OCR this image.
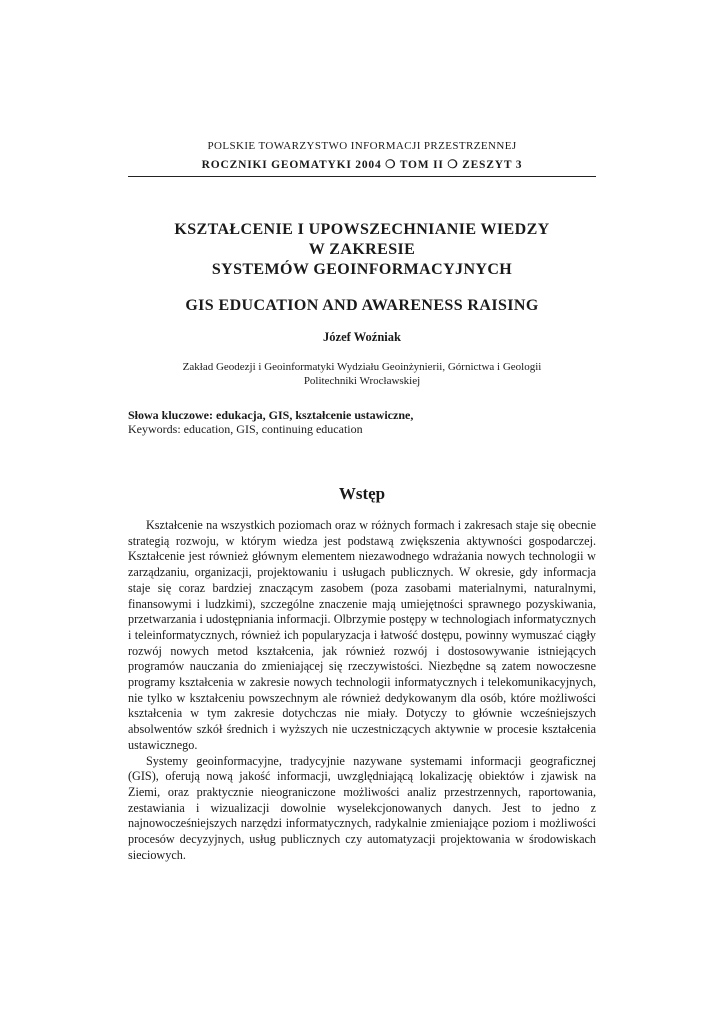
POLSKIE TOWARZYSTWO INFORMACJI PRZESTRZENNEJ
ROCZNIKI GEOMATYKI 2004 ❍ TOM II ❍ ZESZYT 3
KSZTAŁCENIE I UPOWSZECHNIANIE WIEDZY
W ZAKRESIE
SYSTEMÓW GEOINFORMACYJNYCH
GIS EDUCATION AND AWARENESS RAISING
Józef Woźniak
Zakład Geodezji i Geoinformatyki Wydziału Geoinżynierii, Górnictwa i Geologii
Politechniki Wrocławskiej
Słowa kluczowe: edukacja, GIS, kształcenie ustawiczne,
Keywords: education, GIS, continuing education
Wstęp

Kształcenie na wszystkich poziomach oraz w różnych formach i zakresach staje się obecnie strategią rozwoju, w którym wiedza jest podstawą zwiększenia aktywności gospodarczej. Kształcenie jest również głównym elementem niezawodnego wdrażania nowych technologii w zarządzaniu, organizacji, projektowaniu i usługach publicznych. W okresie, gdy informacja staje się coraz bardziej znaczącym zasobem (poza zasobami materialnymi, naturalnymi, finansowymi i ludzkimi), szczególne znaczenie mają umiejętności sprawnego pozyskiwania, przetwarzania i udostępniania informacji. Olbrzymie postępy w technologiach informatycznych i teleinformatycznych, również ich popularyzacja i łatwość dostępu, powinny wymuszać ciągły rozwój nowych metod kształcenia, jak również rozwój i dostosowywanie istniejących programów nauczania do zmieniającej się rzeczywistości. Niezbędne są zatem nowoczesne programy kształcenia w zakresie nowych technologii informatycznych i telekomunikacyjnych, nie tylko w kształceniu powszechnym ale również dedykowanym dla osób, które możliwości kształcenia w tym zakresie dotychczas nie miały. Dotyczy to głównie wcześniejszych absolwentów szkół średnich i wyższych nie uczestniczących aktywnie w procesie kształcenia ustawicznego.

Systemy geoinformacyjne, tradycyjnie nazywane systemami informacji geograficznej (GIS), oferują nową jakość informacji, uwzględniającą lokalizację obiektów i zjawisk na Ziemi, oraz praktycznie nieograniczone możliwości analiz przestrzennych, raportowania, zestawiania i wizualizacji dowolnie wyselekcjonowanych danych. Jest to jedno z najnowocześniejszych narzędzi informatycznych, radykalnie zmieniające poziom i możliwości procesów decyzyjnych, usług publicznych czy automatyzacji projektowania w środowiskach sieciowych.
